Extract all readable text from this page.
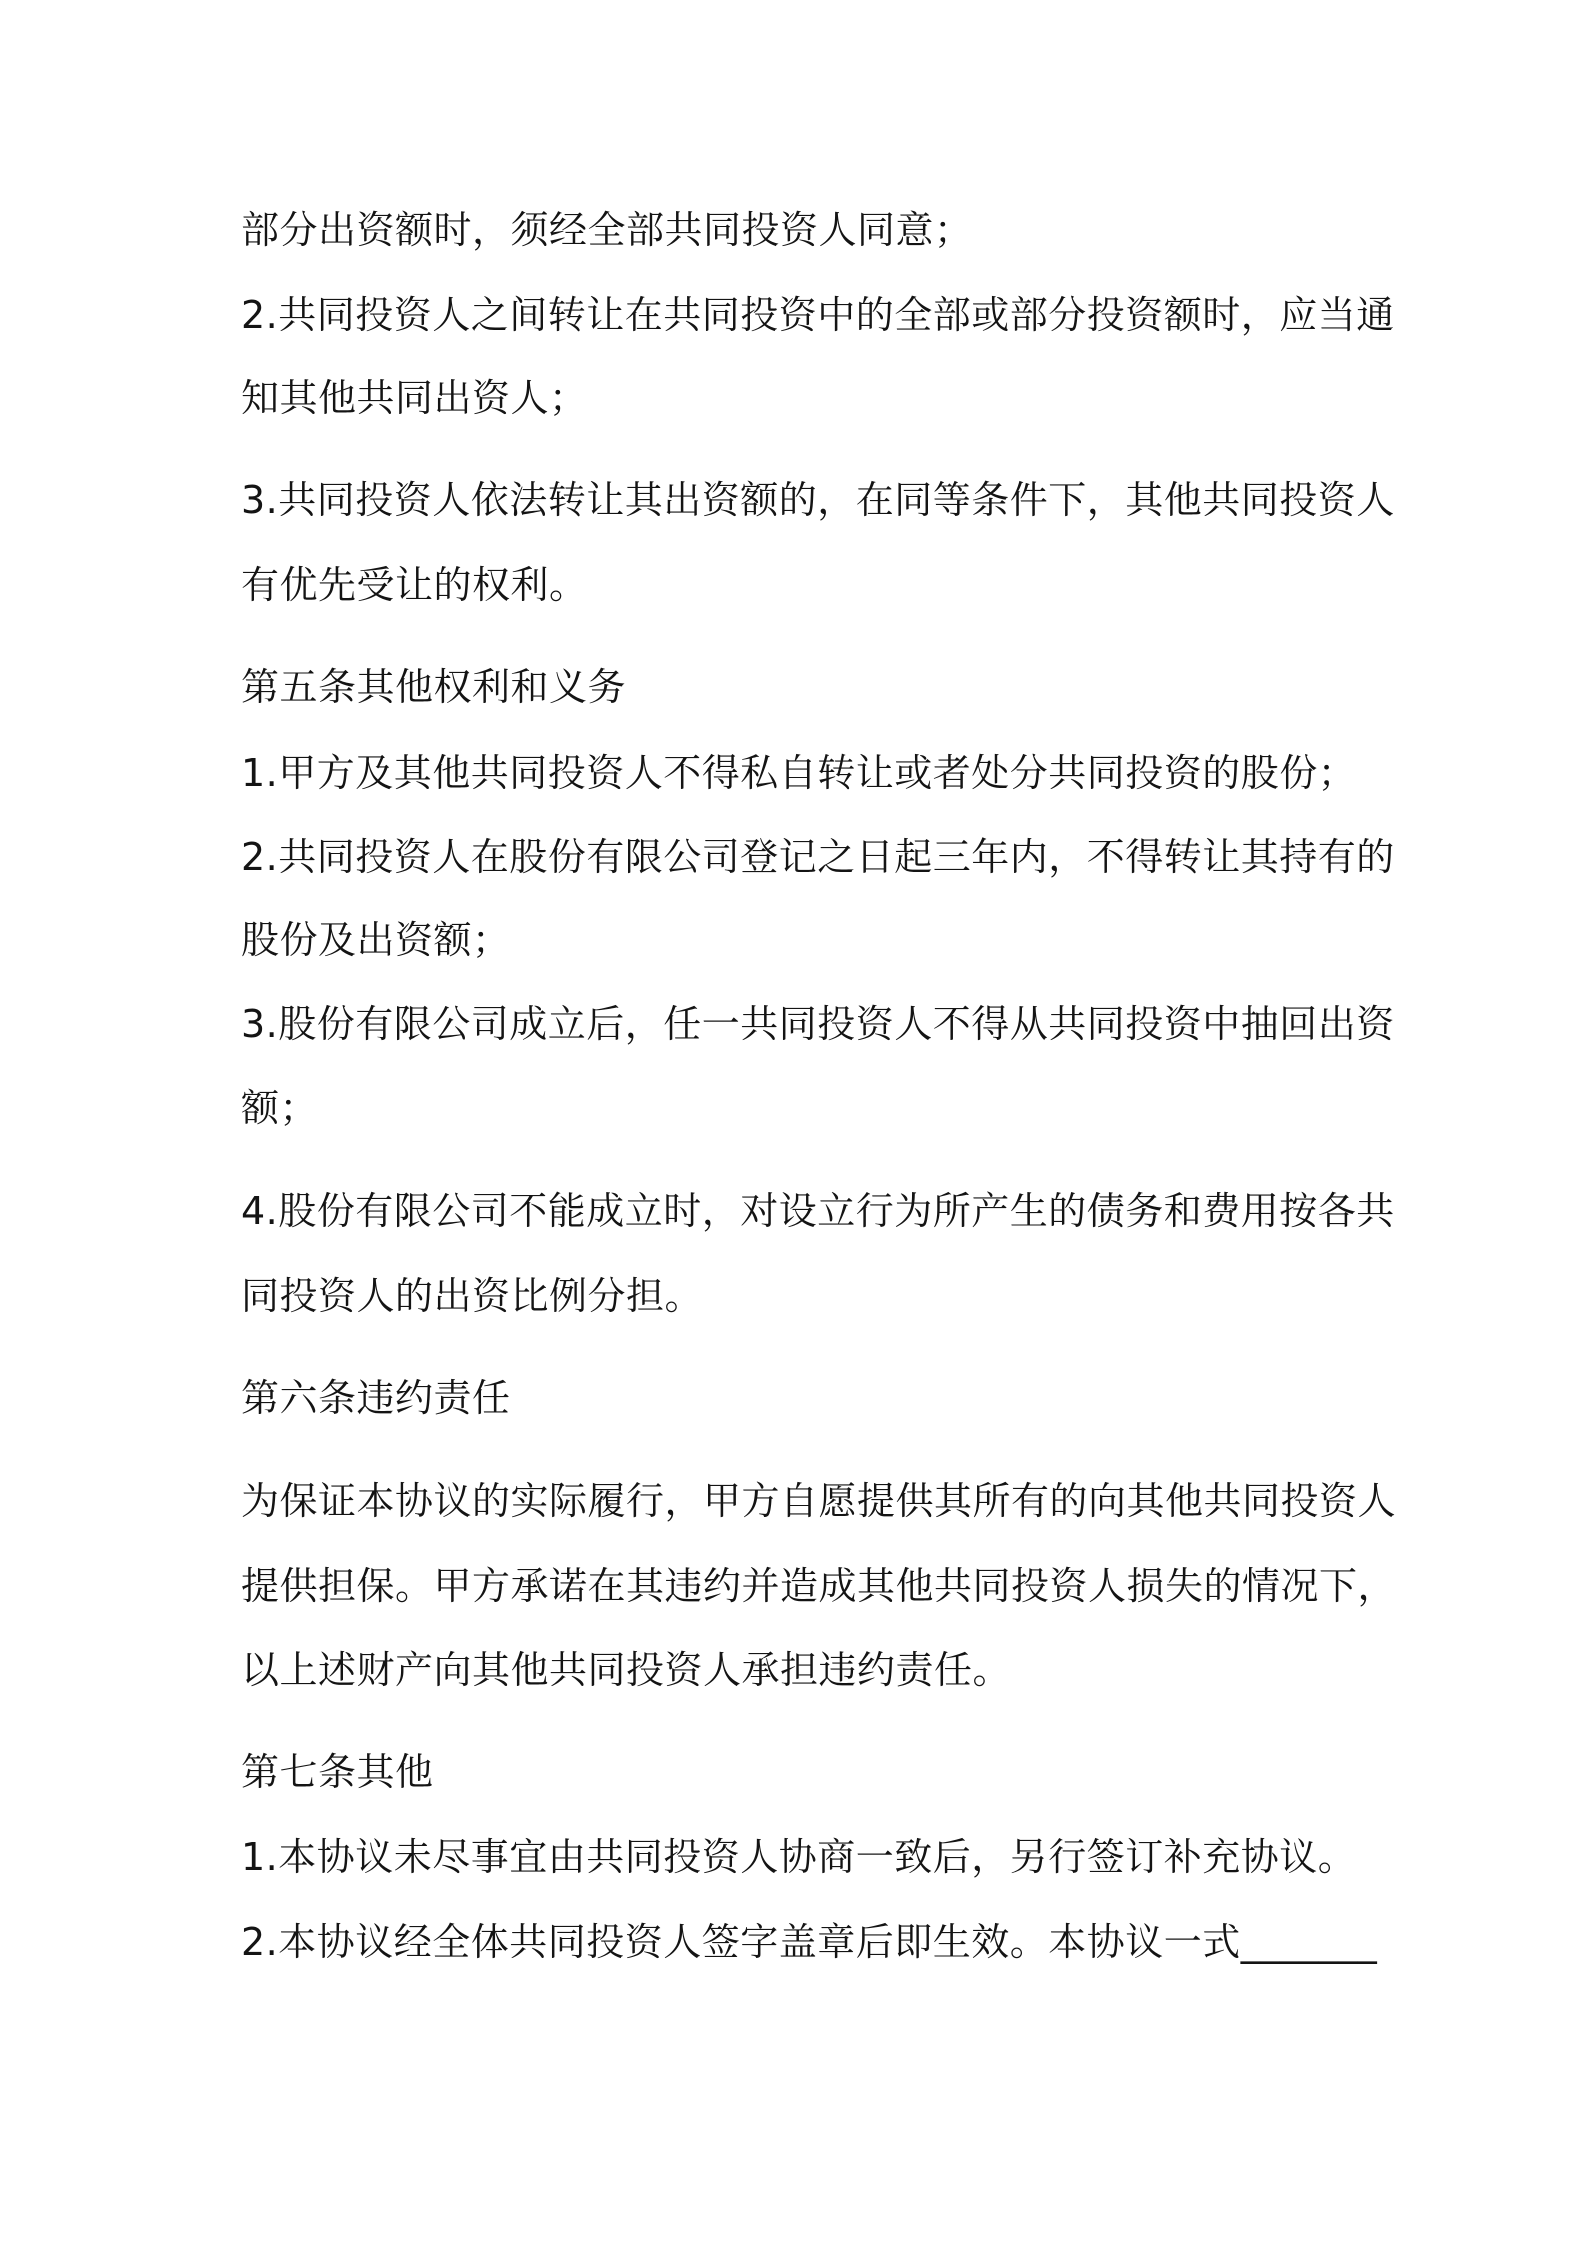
部分出资额时，须经全部共同投资人同意；
2.共同投资人之间转让在共同投资中的全部或部分投资额时，应当通
知其他共同出资人；
3.共同投资人依法转让其出资额的，在同等条件下，其他共同投资人
有优先受让的权利。
第五条其他权利和义务
1.甲方及其他共同投资人不得私自转让或者处分共同投资的股份；
2.共同投资人在股份有限公司登记之日起三年内，不得转让其持有的
股份及出资额；
3.股份有限公司成立后，任一共同投资人不得从共同投资中抽回出资
额；
4.股份有限公司不能成立时，对设立行为所产生的债务和费用按各共
同投资人的出资比例分担。
第六条违约责任
为保证本协议的实际履行，甲方自愿提供其所有的向其他共同投资人
提供担保。甲方承诺在其违约并造成其他共同投资人损失的情况下，
以上述财产向其他共同投资人承担违约责任。
第七条其他
1.本协议未尽事宜由共同投资人协商一致后，另行签订补充协议。
2.本协议经全体共同投资人签字盖章后即生效。本协议一式_______
